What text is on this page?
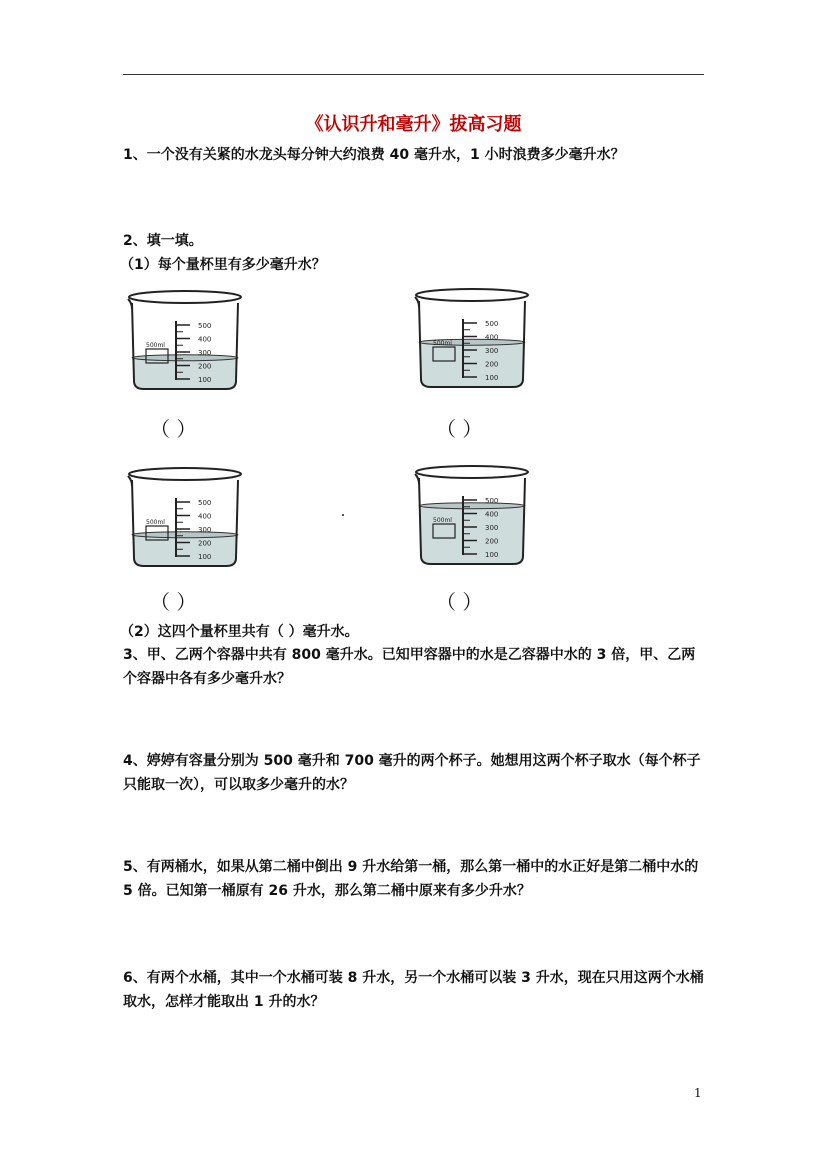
《认识升和毫升》拔高习题
1、一个没有关紧的水龙头每分钟大约浪费 40 毫升水，1 小时浪费多少毫升水？
2、填一填。
（1）每个量杯里有多少毫升水？
500
400
300
200
100
500ml
500
400
300
200
100
500ml
500
400
300
200
100
500ml
500
400
300
200
100
500ml
（ ）	（ ）
（ ）	（ ）
（2）这四个量杯里共有（ ）毫升水。
3、甲、乙两个容器中共有 800 毫升水。已知甲容器中的水是乙容器中水的 3 倍，甲、乙两个容器中各有多少毫升水？
4、婷婷有容量分别为 500 毫升和 700 毫升的两个杯子。她想用这两个杯子取水（每个杯子只能取一次），可以取多少毫升的水？
5、有两桶水，如果从第二桶中倒出 9 升水给第一桶，那么第一桶中的水正好是第二桶中水的 5 倍。已知第一桶原有 26 升水，那么第二桶中原来有多少升水？
6、有两个水桶，其中一个水桶可装 8 升水，另一个水桶可以装 3 升水，现在只用这两个水桶取水，怎样才能取出 1 升的水？
1
